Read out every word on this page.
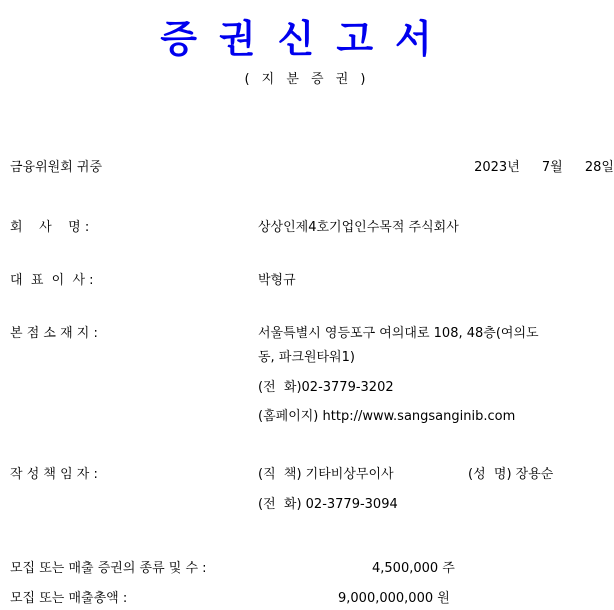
증권신고서
( 지 분 증 권 )
금융위원회 귀중	2023년 7월 28일
회    사    명 :	상상인제4호기업인수목적 주식회사
대  표  이  사 :	박형규
본 점 소 재 지 :	서울특별시 영등포구 여의대로 108, 48층(여의도
동, 파크원타워1)
(전  화)02-3779-3202
(홈페이지) http://www.sangsanginib.com
작 성 책 임 자 :	(직  책) 기타비상무이사	(성  명) 장용순
(전  화) 02-3779-3094
모집 또는 매출 증권의 종류 및 수 :	4,500,000 주
모집 또는 매출총액 :	9,000,000,000 원
